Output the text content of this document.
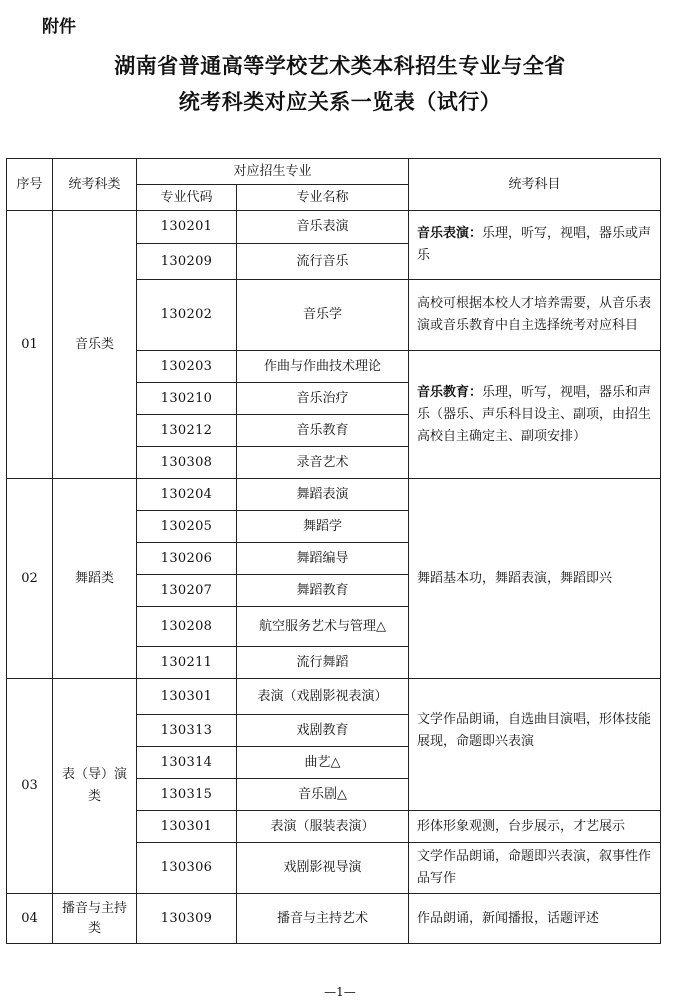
附件
湖南省普通高等学校艺术类本科招生专业与全省
统考科类对应关系一览表（试行）
序号	统考科类	对应招生专业		统考科目
		专业代码	专业名称	
01	音乐类	130201	音乐表演	音乐表演：乐理，听写，视唱，器乐或声乐
		130209	流行音乐	
		130202	音乐学	高校可根据本校人才培养需要，从音乐表演或音乐教育中自主选择统考对应科目
		130203	作曲与作曲技术理论	音乐教育：乐理，听写，视唱，器乐和声乐（器乐、声乐科目设主、副项，由招生高校自主确定主、副项安排）
		130210	音乐治疗	
		130212	音乐教育	
		130308	录音艺术	
02	舞蹈类	130204	舞蹈表演	舞蹈基本功，舞蹈表演，舞蹈即兴
		130205	舞蹈学	
		130206	舞蹈编导	
		130207	舞蹈教育	
		130208	航空服务艺术与管理△	
		130211	流行舞蹈	
03	表（导）演类	130301	表演（戏剧影视表演）	文学作品朗诵，自选曲目演唱，形体技能展现，命题即兴表演
		130313	戏剧教育	
		130314	曲艺△	
		130315	音乐剧△	
		130301	表演（服装表演）	形体形象观测，台步展示，才艺展示
		130306	戏剧影视导演	文学作品朗诵，命题即兴表演，叙事性作品写作
04	播音与主持类	130309	播音与主持艺术	作品朗诵，新闻播报，话题评述
—1—
